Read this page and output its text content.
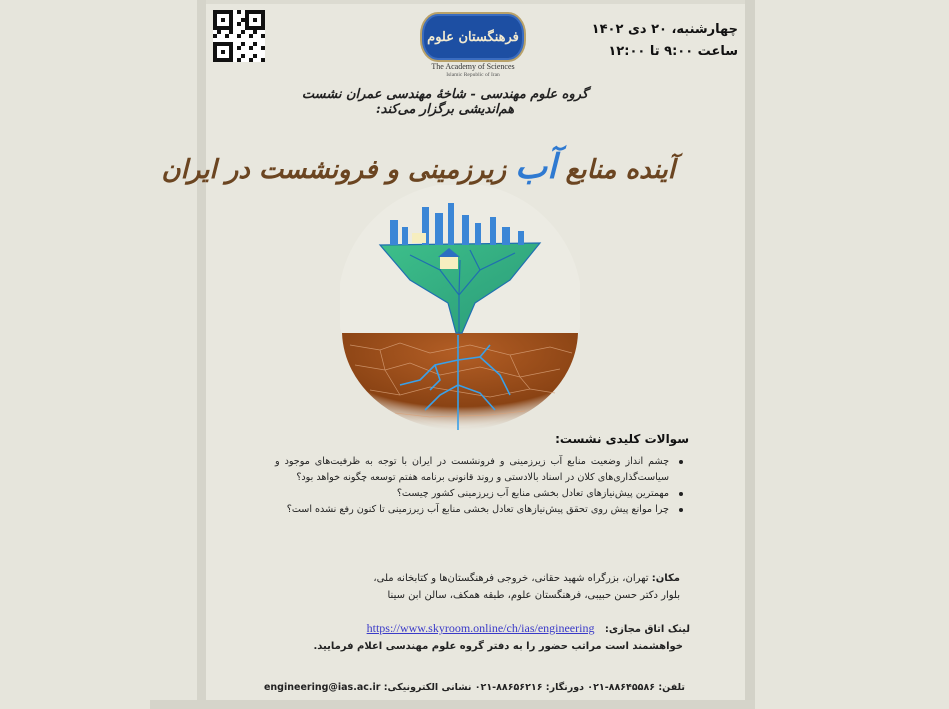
چهارشنبه، ۲۰ دی ۱۴۰۲
ساعت ۹:۰۰ تا ۱۲:۰۰
فرهنگستان علوم
The Academy of Sciences
Islamic Republic of Iran
گروه علوم مهندسی - شاخهٔ مهندسی عمران نشست هم‌اندیشی برگزار می‌کند:
آینده منابع آب زیرزمینی و فرونشست در ایران
سوالات کلیدی نشست:
چشم انداز وضعیت منابع آب زیرزمینی و فرونشست در ایران با توجه به ظرفیت‌های موجود و سیاست‌گذاری‌های کلان در اسناد بالادستی و روند قانونی برنامه هفتم توسعه چگونه خواهد بود؟
مهمترین پیش‌نیازهای تعادل بخشی منابع آب زیرزمینی کشور چیست؟
چرا موانع پیش روی تحقق پیش‌نیازهای تعادل بخشی منابع آب زیرزمینی تا کنون رفع نشده است؟
مکان: تهران، بزرگراه شهید حقانی، خروجی فرهنگستان‌ها و کتابخانه ملی،
بلوار دکتر حسن حبیبی، فرهنگستان علوم، طبقه همکف، سالن ابن سینا
لینک اتاق مجازی:   https://www.skyroom.online/ch/ias/engineering
خواهشمند است مراتب حضور را به دفتر گروه علوم مهندسی اعلام فرمایید.
تلفن: ۸۸۶۴۵۵۸۶-۰۲۱ دورنگار: ۸۸۶۵۶۲۱۶-۰۲۱ نشانی الکترونیکی: engineering@ias.ac.ir
